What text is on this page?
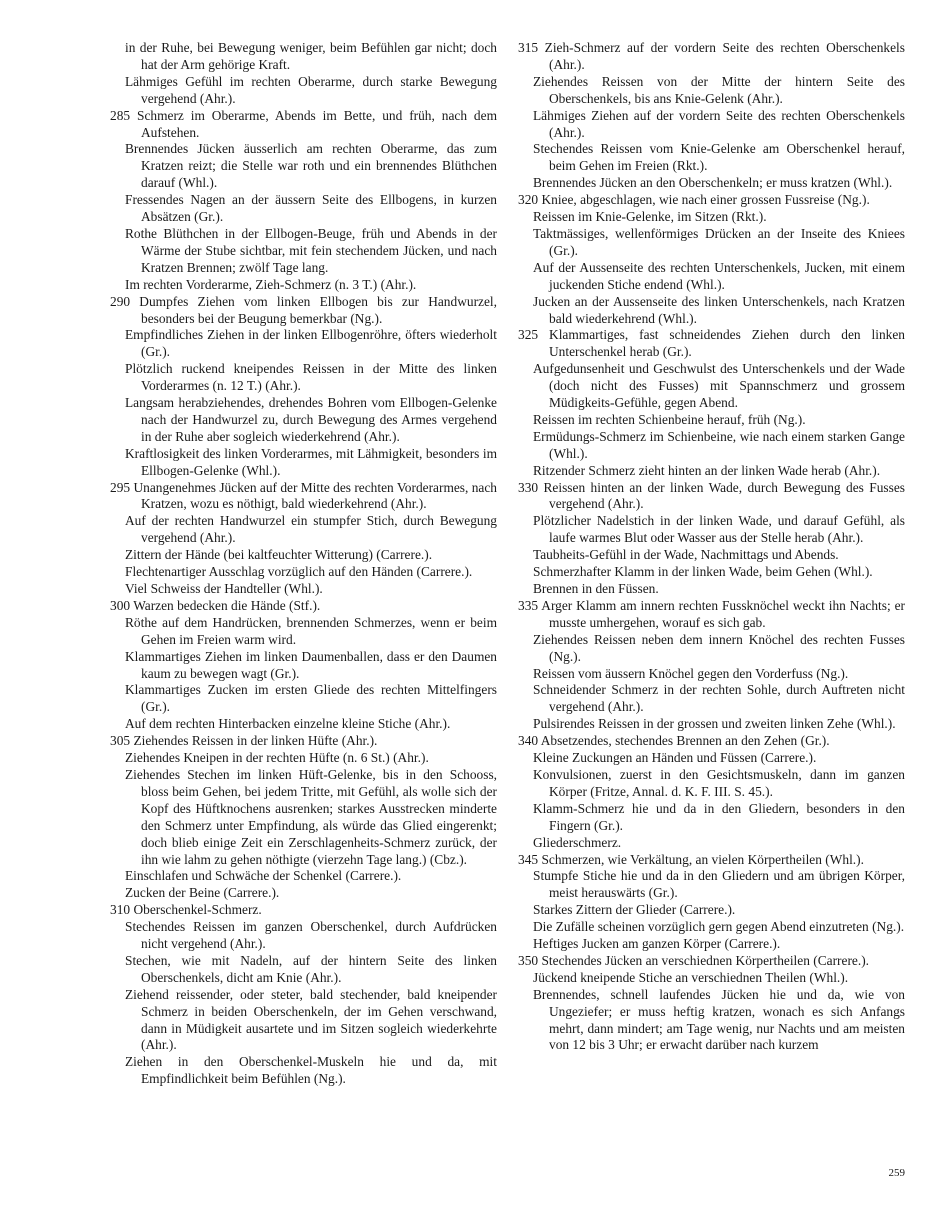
in der Ruhe, bei Bewegung weniger, beim Befühlen gar nicht; doch hat der Arm gehörige Kraft.

Lähmiges Gefühl im rechten Oberarme, durch starke Bewegung vergehend (Ahr.).

285 Schmerz im Oberarme, Abends im Bette, und früh, nach dem Aufstehen.

Brennendes Jücken äusserlich am rechten Oberarme, das zum Kratzen reizt; die Stelle war roth und ein brennendes Blüthchen darauf (Whl.).

Fressendes Nagen an der äussern Seite des Ellbogens, in kurzen Absätzen (Gr.).

Rothe Blüthchen in der Ellbogen-Beuge, früh und Abends in der Wärme der Stube sichtbar, mit fein stechendem Jücken, und nach Kratzen Brennen; zwölf Tage lang.

Im rechten Vorderarme, Zieh-Schmerz (n. 3 T.) (Ahr.).

290 Dumpfes Ziehen vom linken Ellbogen bis zur Handwurzel, besonders bei der Beugung bemerkbar (Ng.).

Empfindliches Ziehen in der linken Ellbogenröhre, öfters wiederholt (Gr.).

Plötzlich ruckend kneipendes Reissen in der Mitte des linken Vorderarmes (n. 12 T.) (Ahr.).

Langsam herabziehendes, drehendes Bohren vom Ellbogen-Gelenke nach der Handwurzel zu, durch Bewegung des Armes vergehend in der Ruhe aber sogleich wiederkehrend (Ahr.).

Kraftlosigkeit des linken Vorderarmes, mit Lähmigkeit, besonders im Ellbogen-Gelenke (Whl.).

295 Unangenehmes Jücken auf der Mitte des rechten Vorderarmes, nach Kratzen, wozu es nöthigt, bald wiederkehrend (Ahr.).

Auf der rechten Handwurzel ein stumpfer Stich, durch Bewegung vergehend (Ahr.).

Zittern der Hände (bei kaltfeuchter Witterung) (Carrere.).

Flechtenartiger Ausschlag vorzüglich auf den Händen (Carrere.).

Viel Schweiss der Handteller (Whl.).

300 Warzen bedecken die Hände (Stf.).

Röthe auf dem Handrücken, brennenden Schmerzes, wenn er beim Gehen im Freien warm wird.

Klammartiges Ziehen im linken Daumenballen, dass er den Daumen kaum zu bewegen wagt (Gr.).

Klammartiges Zucken im ersten Gliede des rechten Mittelfingers (Gr.).

Auf dem rechten Hinterbacken einzelne kleine Stiche (Ahr.).

305 Ziehendes Reissen in der linken Hüfte (Ahr.).

Ziehendes Kneipen in der rechten Hüfte (n. 6 St.) (Ahr.).

Ziehendes Stechen im linken Hüft-Gelenke, bis in den Schooss, bloss beim Gehen, bei jedem Tritte, mit Gefühl, als wolle sich der Kopf des Hüftknochens ausrenken; starkes Ausstrecken minderte den Schmerz unter Empfindung, als würde das Glied eingerenkt; doch blieb einige Zeit ein Zerschlagenheits-Schmerz zurück, der ihn wie lahm zu gehen nöthigte (vierzehn Tage lang.) (Cbz.).

Einschlafen und Schwäche der Schenkel (Carrere.).

Zucken der Beine (Carrere.).

310 Oberschenkel-Schmerz.

Stechendes Reissen im ganzen Oberschenkel, durch Aufdrücken nicht vergehend (Ahr.).

Stechen, wie mit Nadeln, auf der hintern Seite des linken Oberschenkels, dicht am Knie (Ahr.).

Ziehend reissender, oder steter, bald stechender, bald kneipender Schmerz in beiden Oberschenkeln, der im Gehen verschwand, dann in Müdigkeit ausartete und im Sitzen sogleich wiederkehrte (Ahr.).

Ziehen in den Oberschenkel-Muskeln hie und da, mit Empfindlichkeit beim Befühlen (Ng.).

315 Zieh-Schmerz auf der vordern Seite des rechten Oberschenkels (Ahr.).

Ziehendes Reissen von der Mitte der hintern Seite des Oberschenkels, bis ans Knie-Gelenk (Ahr.).

Lähmiges Ziehen auf der vordern Seite des rechten Oberschenkels (Ahr.).

Stechendes Reissen vom Knie-Gelenke am Oberschenkel herauf, beim Gehen im Freien (Rkt.).

Brennendes Jücken an den Oberschenkeln; er muss kratzen (Whl.).

320 Kniee, abgeschlagen, wie nach einer grossen Fussreise (Ng.).

Reissen im Knie-Gelenke, im Sitzen (Rkt.).

Taktmässiges, wellenförmiges Drücken an der Inseite des Kniees (Gr.).

Auf der Aussenseite des rechten Unterschenkels, Jucken, mit einem juckenden Stiche endend (Whl.).

Jucken an der Aussenseite des linken Unterschenkels, nach Kratzen bald wiederkehrend (Whl.).

325 Klammartiges, fast schneidendes Ziehen durch den linken Unterschenkel herab (Gr.).

Aufgedunsenheit und Geschwulst des Unterschenkels und der Wade (doch nicht des Fusses) mit Spannschmerz und grossem Müdigkeits-Gefühle, gegen Abend.

Reissen im rechten Schienbeine herauf, früh (Ng.).

Ermüdungs-Schmerz im Schienbeine, wie nach einem starken Gange (Whl.).

Ritzender Schmerz zieht hinten an der linken Wade herab (Ahr.).

330 Reissen hinten an der linken Wade, durch Bewegung des Fusses vergehend (Ahr.).

Plötzlicher Nadelstich in der linken Wade, und darauf Gefühl, als laufe warmes Blut oder Wasser aus der Stelle herab (Ahr.).

Taubheits-Gefühl in der Wade, Nachmittags und Abends.

Schmerzhafter Klamm in der linken Wade, beim Gehen (Whl.).

Brennen in den Füssen.

335 Arger Klamm am innern rechten Fussknöchel weckt ihn Nachts; er musste umhergehen, worauf es sich gab.

Ziehendes Reissen neben dem innern Knöchel des rechten Fusses (Ng.).

Reissen vom äussern Knöchel gegen den Vorderfuss (Ng.).

Schneidender Schmerz in der rechten Sohle, durch Auftreten nicht vergehend (Ahr.).

Pulsirendes Reissen in der grossen und zweiten linken Zehe (Whl.).

340 Absetzendes, stechendes Brennen an den Zehen (Gr.).

Kleine Zuckungen an Händen und Füssen (Carrere.).

Konvulsionen, zuerst in den Gesichtsmuskeln, dann im ganzen Körper (Fritze, Annal. d. K. F. III. S. 45.).

Klamm-Schmerz hie und da in den Gliedern, besonders in den Fingern (Gr.).

Gliederschmerz.

345 Schmerzen, wie Verkältung, an vielen Körpertheilen (Whl.).

Stumpfe Stiche hie und da in den Gliedern und am übrigen Körper, meist herauswärts (Gr.).

Starkes Zittern der Glieder (Carrere.).

Die Zufälle scheinen vorzüglich gern gegen Abend einzutreten (Ng.).

Heftiges Jucken am ganzen Körper (Carrere.).

350 Stechendes Jücken an verschiednen Körpertheilen (Carrere.).

Jückend kneipende Stiche an verschiednen Theilen (Whl.).

Brennendes, schnell laufendes Jücken hie und da, wie von Ungeziefer; er muss heftig kratzen, wonach es sich Anfangs mehrt, dann mindert; am Tage wenig, nur Nachts und am meisten von 12 bis 3 Uhr; er erwacht darüber nach kurzem

259
